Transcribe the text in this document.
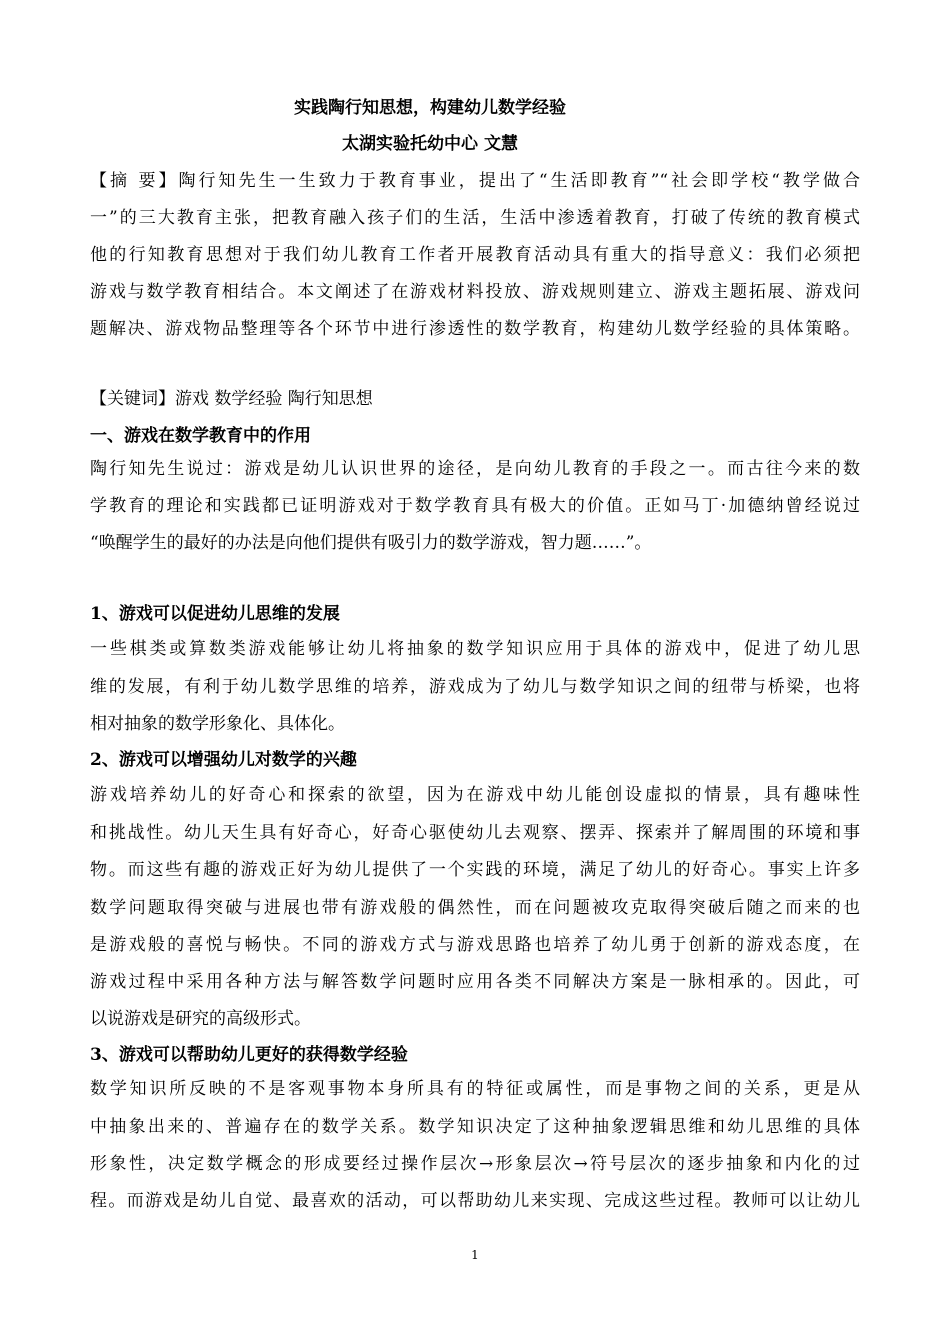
实践陶行知思想，构建幼儿数学经验
太湖实验托幼中心 文慧
【摘 要】陶行知先生一生致力于教育事业，提出了“生活即教育”“社会即学校“教学做合
一”的三大教育主张，把教育融入孩子们的生活，生活中渗透着教育，打破了传统的教育模式
他的行知教育思想对于我们幼儿教育工作者开展教育活动具有重大的指导意义：我们必须把
游戏与数学教育相结合。本文阐述了在游戏材料投放、游戏规则建立、游戏主题拓展、游戏问
题解决、游戏物品整理等各个环节中进行渗透性的数学教育，构建幼儿数学经验的具体策略。
【关键词】游戏 数学经验 陶行知思想
一、游戏在数学教育中的作用
陶行知先生说过：游戏是幼儿认识世界的途径，是向幼儿教育的手段之一。而古往今来的数
学教育的理论和实践都已证明游戏对于数学教育具有极大的价值。正如马丁·加德纳曾经说过
“唤醒学生的最好的办法是向他们提供有吸引力的数学游戏，智力题……”。
1、游戏可以促进幼儿思维的发展
一些棋类或算数类游戏能够让幼儿将抽象的数学知识应用于具体的游戏中，促进了幼儿思
维的发展，有利于幼儿数学思维的培养，游戏成为了幼儿与数学知识之间的纽带与桥梁，也将
相对抽象的数学形象化、具体化。
2、游戏可以增强幼儿对数学的兴趣
游戏培养幼儿的好奇心和探索的欲望，因为在游戏中幼儿能创设虚拟的情景，具有趣味性
和挑战性。幼儿天生具有好奇心，好奇心驱使幼儿去观察、摆弄、探索并了解周围的环境和事
物。而这些有趣的游戏正好为幼儿提供了一个实践的环境，满足了幼儿的好奇心。事实上许多
数学问题取得突破与进展也带有游戏般的偶然性，而在问题被攻克取得突破后随之而来的也
是游戏般的喜悦与畅快。不同的游戏方式与游戏思路也培养了幼儿勇于创新的游戏态度，在
游戏过程中采用各种方法与解答数学问题时应用各类不同解决方案是一脉相承的。因此，可
以说游戏是研究的高级形式。
3、游戏可以帮助幼儿更好的获得数学经验
数学知识所反映的不是客观事物本身所具有的特征或属性，而是事物之间的关系，更是从
中抽象出来的、普遍存在的数学关系。数学知识决定了这种抽象逻辑思维和幼儿思维的具体
形象性，决定数学概念的形成要经过操作层次→形象层次→符号层次的逐步抽象和内化的过
程。而游戏是幼儿自觉、最喜欢的活动，可以帮助幼儿来实现、完成这些过程。教师可以让幼儿
1
